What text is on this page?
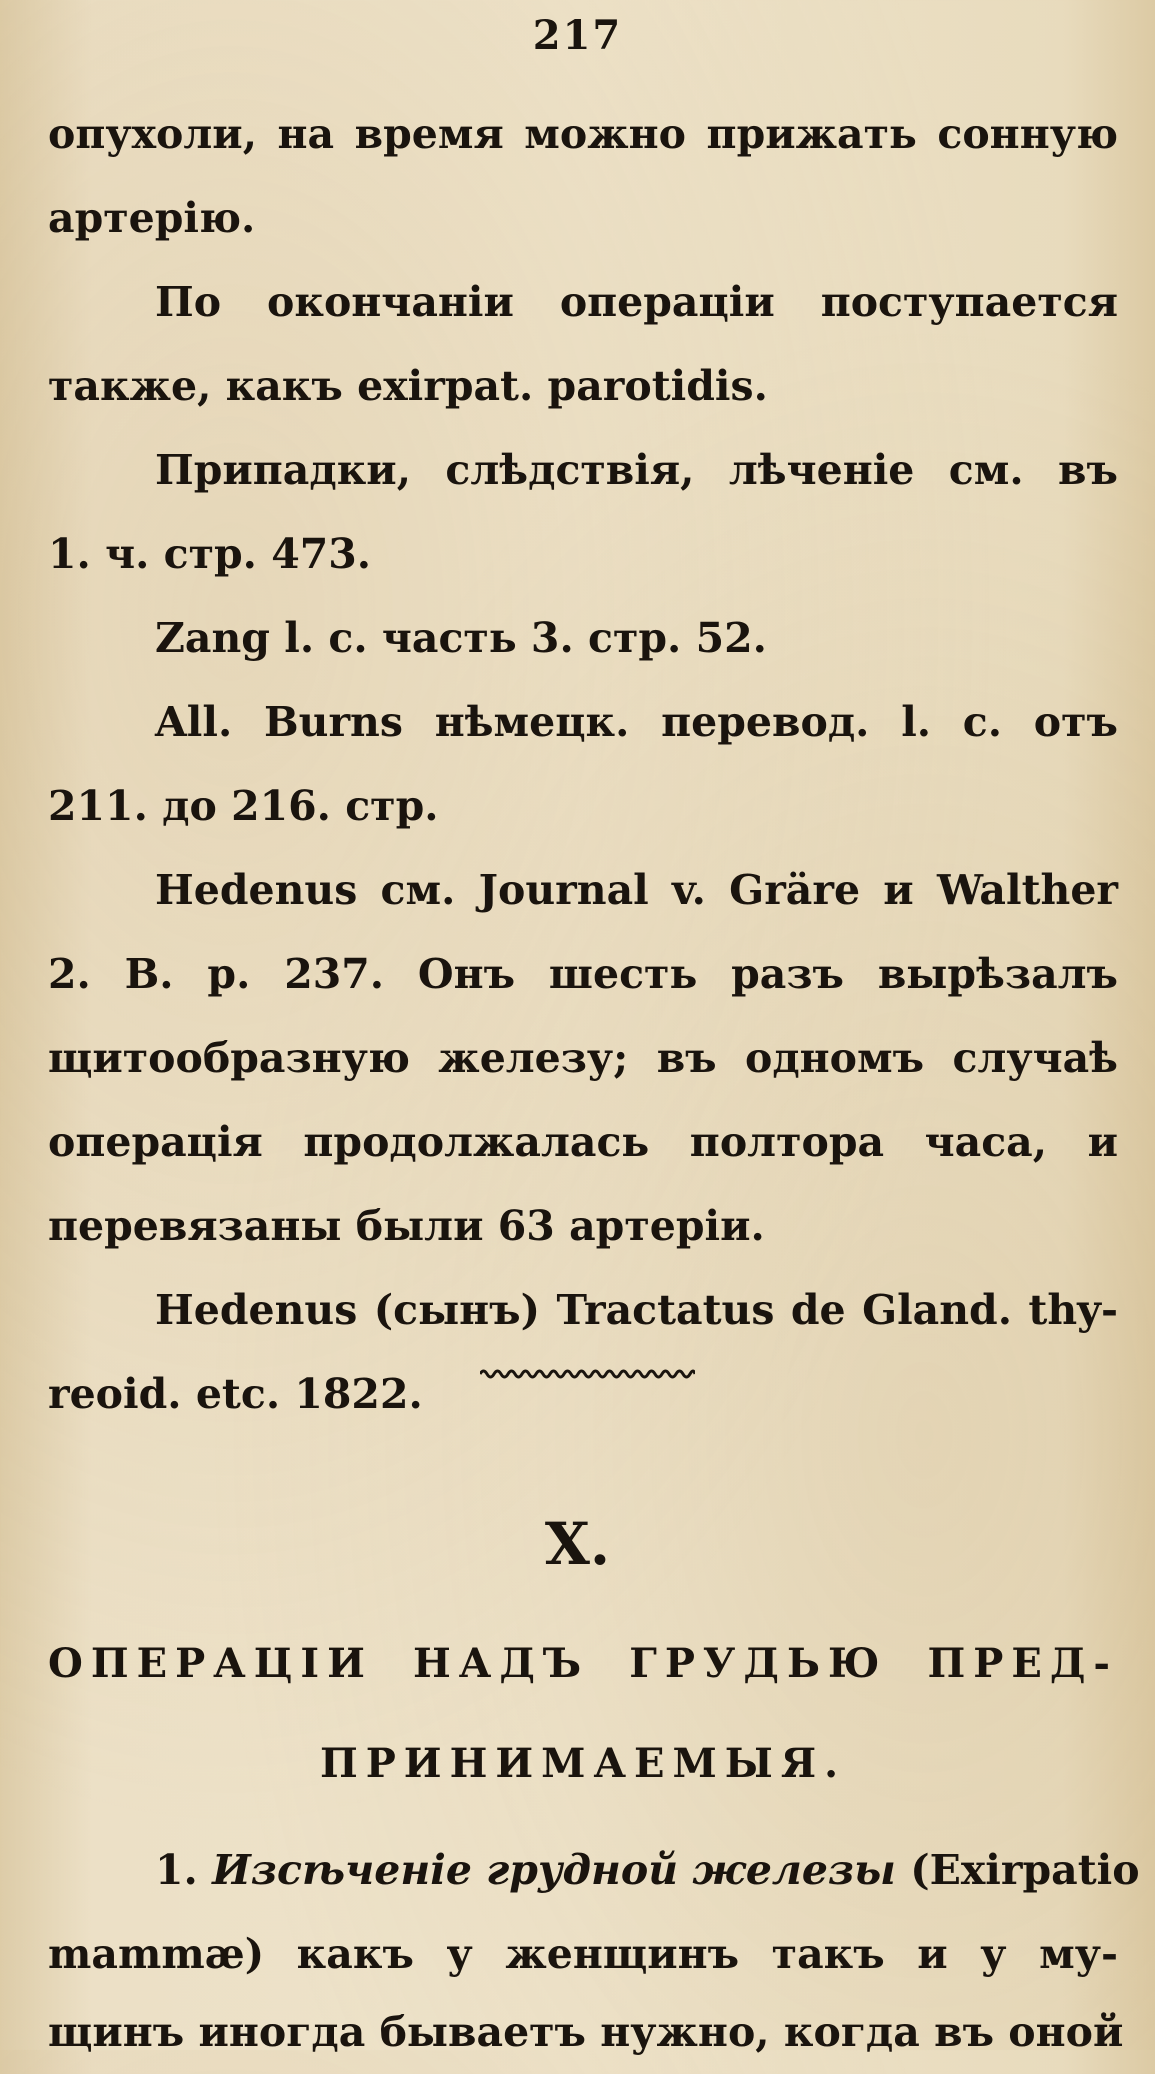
217
опухоли, на время можно прижать сонную
артерію.
По окончаніи операціи поступается
также, какъ exirpat. parotidis.
Припадки, слѣдствія, лѣченіе см. въ
1. ч. стр. 473.
Zang l. c. часть 3. стр. 52.
All. Burns нѣмецк. перевод. l. c. отъ
211. до 216. стр.
Hedenus см. Journal v. Gräre и Walther
2. B. p. 237. Онъ шесть разъ вырѣзалъ
щитообразную железу; въ одномъ случаѣ
операція продолжалась полтора часа, и
перевязаны были 63 артеріи.
Hedenus (сынъ) Tractatus de Gland. thy-
reoid. etc. 1822.
X.
ОПЕРАЦІИ НАДЪ ГРУДЬЮ ПРЕД-
ПРИНИМАЕМЫЯ.
1. Изсѣченіе грудной железы (Exirpatio
mammæ) какъ у женщинъ такъ и у му-
щинъ иногда бываетъ нужно, когда въ оной
